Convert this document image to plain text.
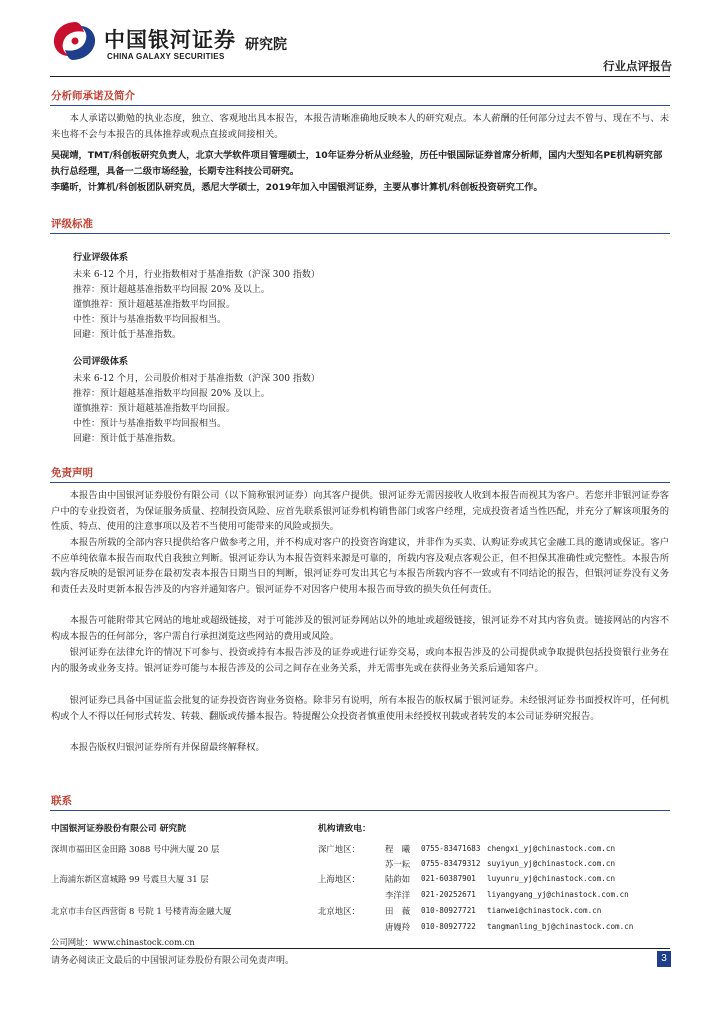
中国银河证券
CHINA GALAXY SECURITIES
研究院
行业点评报告
分析师承诺及简介

本人承诺以勤勉的执业态度，独立、客观地出具本报告，本报告清晰准确地反映本人的研究观点。本人薪酬的任何部分过去不曾与、现在不与、未来也将不会与本报告的具体推荐或观点直接或间接相关。

吴砚靖，TMT/科创板研究负责人，北京大学软件项目管理硕士，10年证券分析从业经验，历任中银国际证券首席分析师，国内大型知名PE机构研究部执行总经理，具备一二级市场经验，长期专注科技公司研究。

李璐昕，计算机/科创板团队研究员，悉尼大学硕士，2019年加入中国银河证券，主要从事计算机/科创板投资研究工作。

评级标准
行业评级体系
未来 6-12 个月，行业指数相对于基准指数（沪深 300 指数）
推荐：预计超越基准指数平均回报 20% 及以上。
谨慎推荐：预计超越基准指数平均回报。
中性：预计与基准指数平均回报相当。
回避：预计低于基准指数。
公司评级体系
未来 6-12 个月，公司股价相对于基准指数（沪深 300 指数）
推荐：预计超越基准指数平均回报 20% 及以上。
谨慎推荐：预计超越基准指数平均回报。
中性：预计与基准指数平均回报相当。
回避：预计低于基准指数。
免责声明

本报告由中国银河证券股份有限公司（以下简称银河证券）向其客户提供。银河证券无需因接收人收到本报告而视其为客户。若您并非银河证券客户中的专业投资者，为保证服务质量、控制投资风险、应首先联系银河证券机构销售部门或客户经理，完成投资者适当性匹配，并充分了解该项服务的性质、特点、使用的注意事项以及若不当使用可能带来的风险或损失。

本报告所载的全部内容只提供给客户做参考之用，并不构成对客户的投资咨询建议，并非作为买卖、认购证券或其它金融工具的邀请或保证。客户不应单纯依靠本报告而取代自我独立判断。银河证券认为本报告资料来源是可靠的，所载内容及观点客观公正，但不担保其准确性或完整性。本报告所载内容反映的是银河证券在最初发表本报告日期当日的判断，银河证券可发出其它与本报告所载内容不一致或有不同结论的报告，但银河证券没有义务和责任去及时更新本报告涉及的内容并通知客户。银河证券不对因客户使用本报告而导致的损失负任何责任。

本报告可能附带其它网站的地址或超级链接，对于可能涉及的银河证券网站以外的地址或超级链接，银河证券不对其内容负责。链接网站的内容不构成本报告的任何部分，客户需自行承担浏览这些网站的费用或风险。

银河证券在法律允许的情况下可参与、投资或持有本报告涉及的证券或进行证券交易，或向本报告涉及的公司提供或争取提供包括投资银行业务在内的服务或业务支持。银河证券可能与本报告涉及的公司之间存在业务关系，并无需事先或在获得业务关系后通知客户。

银河证券已具备中国证监会批复的证券投资咨询业务资格。除非另有说明，所有本报告的版权属于银河证券。未经银河证券书面授权许可，任何机构或个人不得以任何形式转发、转载、翻版或传播本报告。特提醒公众投资者慎重使用未经授权刊载或者转发的本公司证券研究报告。

本报告版权归银河证券所有并保留最终解释权。

联系
中国银河证券股份有限公司 研究院
深圳市福田区金田路 3088 号中洲大厦 20 层
上海浦东新区富城路 99 号震旦大厦 31 层
北京市丰台区西营街 8 号院 1 号楼青海金融大厦
公司网址：www.chinastock.com.cn
机构请致电：
深广地区：
上海地区：
北京地区：
程　曦 0755-83471683 chengxi_yj@chinastock.com.cn
苏一耘 0755-83479312 suyiyun_yj@chinastock.com.cn
陆韵如 021-60387901 luyunru_yj@chinastock.com.cn
李洋洋 021-20252671 liyangyang_yj@chinastock.com.cn
田　薇 010-80927721 tianwei@chinastock.com.cn
唐嫚羚 010-80927722 tangmanling_bj@chinastock.com.cn
请务必阅读正文最后的中国银河证券股份有限公司免责声明。	3
